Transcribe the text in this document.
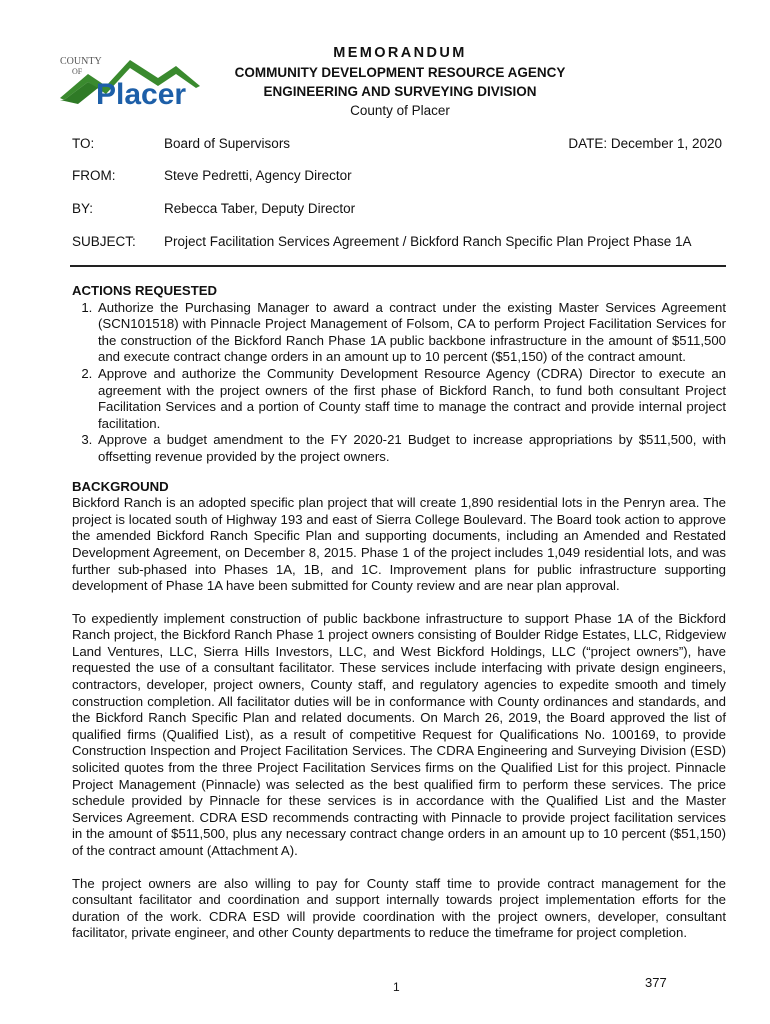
COUNTY
OF
Placer
MEMORANDUM
COMMUNITY DEVELOPMENT RESOURCE AGENCY
ENGINEERING AND SURVEYING DIVISION
County of Placer
TO:	Board of Supervisors	DATE: December 1, 2020
FROM:	Steve Pedretti, Agency Director
BY:	Rebecca Taber, Deputy Director
SUBJECT: Project Facilitation Services Agreement / Bickford Ranch Specific Plan Project Phase 1A
ACTIONS REQUESTED
1. Authorize the Purchasing Manager to award a contract under the existing Master Services Agreement (SCN101518) with Pinnacle Project Management of Folsom, CA to perform Project Facilitation Services for the construction of the Bickford Ranch Phase 1A public backbone infrastructure in the amount of $511,500 and execute contract change orders in an amount up to 10 percent ($51,150) of the contract amount.
2. Approve and authorize the Community Development Resource Agency (CDRA) Director to execute an agreement with the project owners of the first phase of Bickford Ranch, to fund both consultant Project Facilitation Services and a portion of County staff time to manage the contract and provide internal project facilitation.
3. Approve a budget amendment to the FY 2020-21 Budget to increase appropriations by $511,500, with offsetting revenue provided by the project owners.
BACKGROUND

Bickford Ranch is an adopted specific plan project that will create 1,890 residential lots in the Penryn area. The project is located south of Highway 193 and east of Sierra College Boulevard. The Board took action to approve the amended Bickford Ranch Specific Plan and supporting documents, including an Amended and Restated Development Agreement, on December 8, 2015. Phase 1 of the project includes 1,049 residential lots, and was further sub-phased into Phases 1A, 1B, and 1C. Improvement plans for public infrastructure supporting development of Phase 1A have been submitted for County review and are near plan approval.

To expediently implement construction of public backbone infrastructure to support Phase 1A of the Bickford Ranch project, the Bickford Ranch Phase 1 project owners consisting of Boulder Ridge Estates, LLC, Ridgeview Land Ventures, LLC, Sierra Hills Investors, LLC, and West Bickford Holdings, LLC (“project owners”), have requested the use of a consultant facilitator. These services include interfacing with private design engineers, contractors, developer, project owners, County staff, and regulatory agencies to expedite smooth and timely construction completion. All facilitator duties will be in conformance with County ordinances and standards, and the Bickford Ranch Specific Plan and related documents. On March 26, 2019, the Board approved the list of qualified firms (Qualified List), as a result of competitive Request for Qualifications No. 100169, to provide Construction Inspection and Project Facilitation Services. The CDRA Engineering and Surveying Division (ESD) solicited quotes from the three Project Facilitation Services firms on the Qualified List for this project. Pinnacle Project Management (Pinnacle) was selected as the best qualified firm to perform these services. The price schedule provided by Pinnacle for these services is in accordance with the Qualified List and the Master Services Agreement. CDRA ESD recommends contracting with Pinnacle to provide project facilitation services in the amount of $511,500, plus any necessary contract change orders in an amount up to 10 percent ($51,150) of the contract amount (Attachment A).

The project owners are also willing to pay for County staff time to provide contract management for the consultant facilitator and coordination and support internally towards project implementation efforts for the duration of the work. CDRA ESD will provide coordination with the project owners, developer, consultant facilitator, private engineer, and other County departments to reduce the timeframe for project completion.

1	377
